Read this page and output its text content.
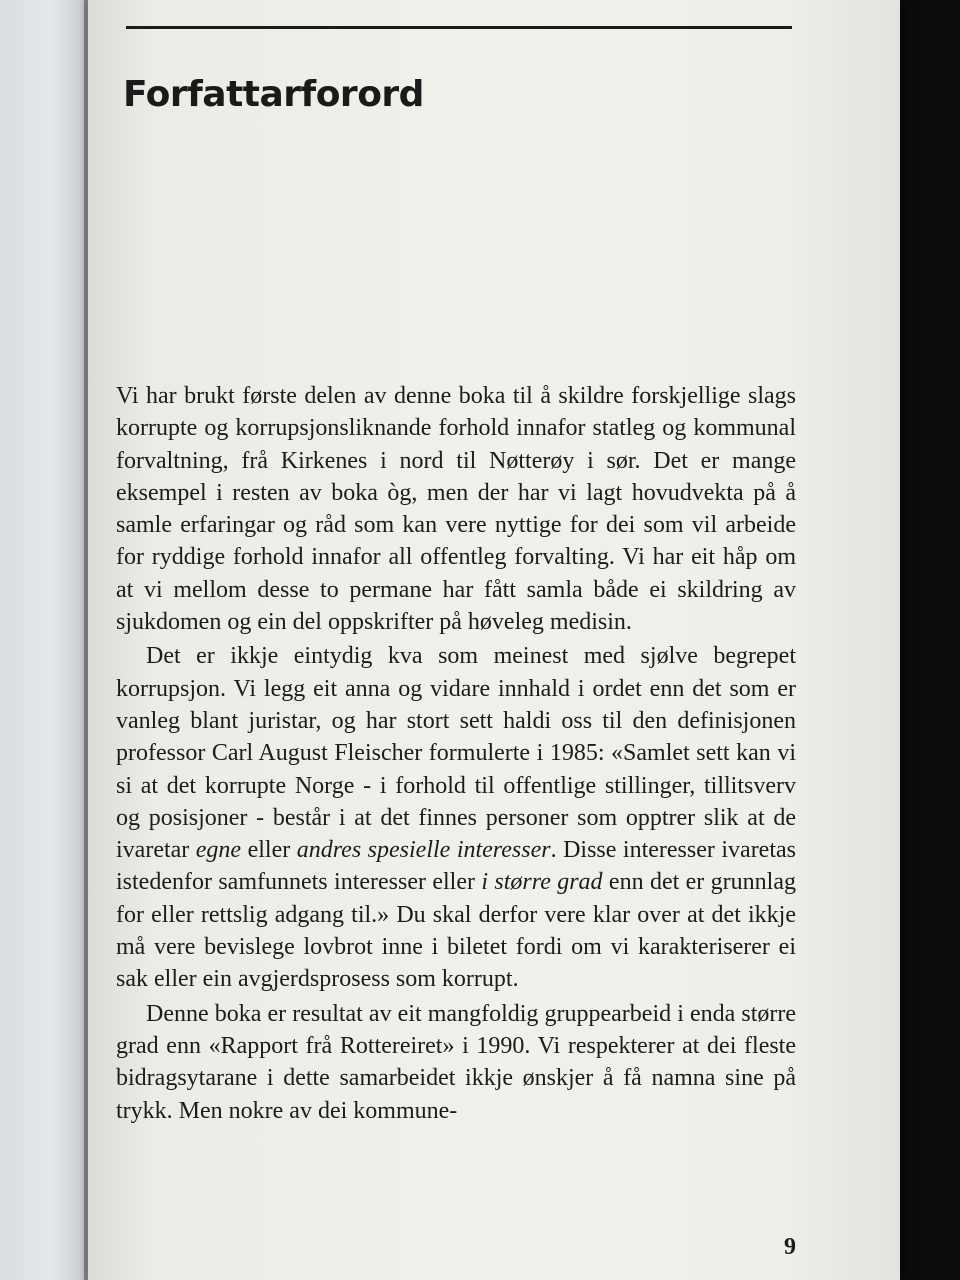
Forfattarforord

Vi har brukt første delen av denne boka til å skildre forskjellige slags korrupte og korrupsjonsliknande forhold innafor statleg og kommunal forvaltning, frå Kirkenes i nord til Nøtterøy i sør. Det er mange eksempel i resten av boka òg, men der har vi lagt hovudvekta på å samle erfaringar og råd som kan vere nyttige for dei som vil arbeide for ryddige forhold innafor all offentleg forvalting. Vi har eit håp om at vi mellom desse to permane har fått samla både ei skildring av sjukdomen og ein del oppskrifter på høveleg medisin.

Det er ikkje eintydig kva som meinest med sjølve begrepet korrupsjon. Vi legg eit anna og vidare innhald i ordet enn det som er vanleg blant juristar, og har stort sett haldi oss til den definisjonen professor Carl August Fleischer formulerte i 1985: «Samlet sett kan vi si at det korrupte Norge - i forhold til offentlige stillinger, tillitsverv og posisjoner - består i at det finnes personer som opptrer slik at de ivaretar egne eller andres spesielle interesser. Disse interesser ivaretas istedenfor samfunnets interesser eller i større grad enn det er grunnlag for eller rettslig adgang til.» Du skal derfor vere klar over at det ikkje må vere bevislege lovbrot inne i biletet fordi om vi karakteriserer ei sak eller ein avgjerdsprosess som korrupt.

Denne boka er resultat av eit mangfoldig gruppearbeid i enda større grad enn «Rapport frå Rottereiret» i 1990. Vi respekterer at dei fleste bidragsytarane i dette samarbeidet ikkje ønskjer å få namna sine på trykk. Men nokre av dei kommune-

9
